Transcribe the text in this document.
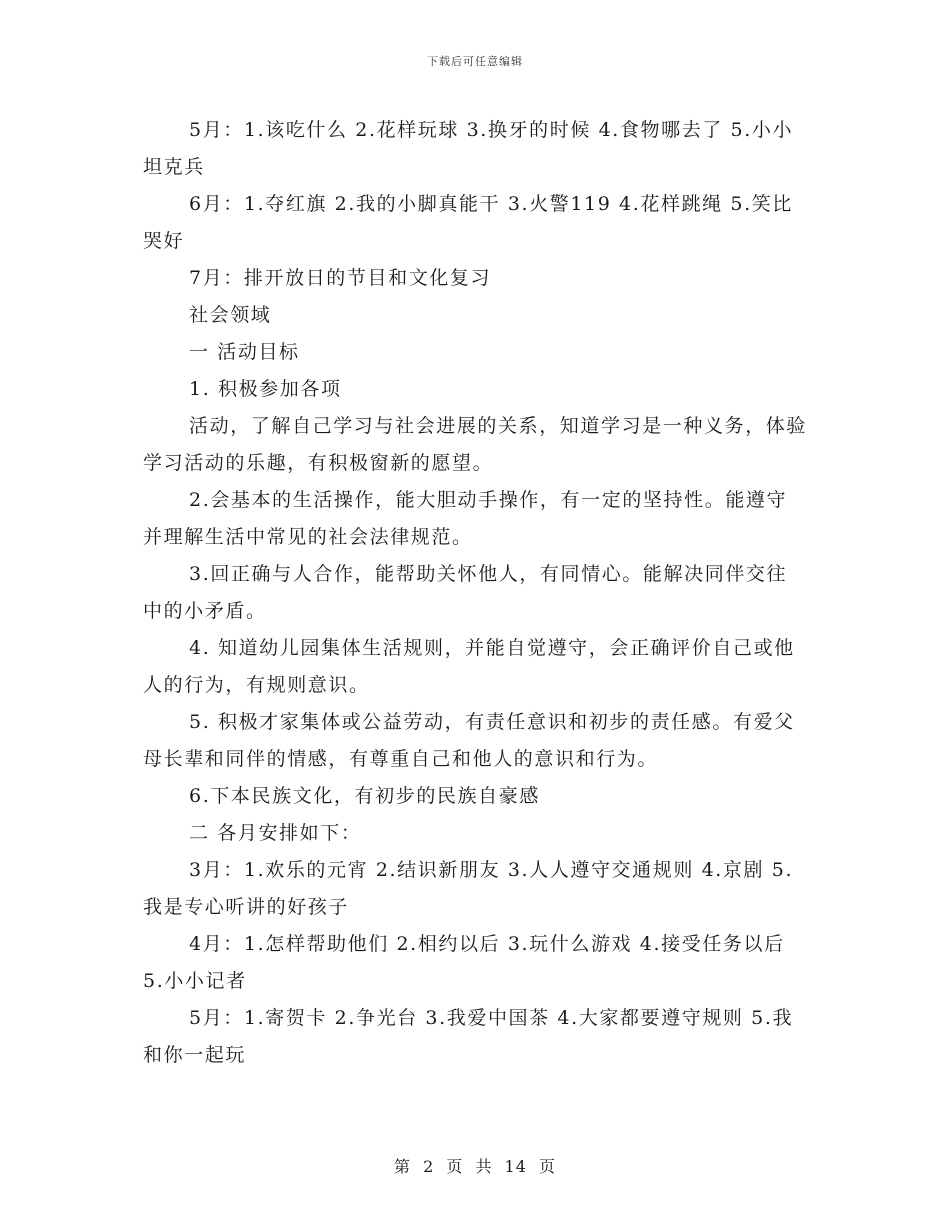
下载后可任意编辑

5月：1.该吃什么 2.花样玩球 3.换牙的时候 4.食物哪去了 5.小小坦克兵

6月：1.夺红旗 2.我的小脚真能干 3.火警119 4.花样跳绳 5.笑比哭好

7月：排开放日的节目和文化复习

社会领域

一 活动目标

1. 积极参加各项

活动，了解自己学习与社会进展的关系，知道学习是一种义务，体验学习活动的乐趣，有积极窗新的愿望。

2.会基本的生活操作，能大胆动手操作，有一定的坚持性。能遵守并理解生活中常见的社会法律规范。

3.回正确与人合作，能帮助关怀他人，有同情心。能解决同伴交往中的小矛盾。

4. 知道幼儿园集体生活规则，并能自觉遵守，会正确评价自己或他人的行为，有规则意识。

5. 积极才家集体或公益劳动，有责任意识和初步的责任感。有爱父母长辈和同伴的情感，有尊重自己和他人的意识和行为。

6.下本民族文化，有初步的民族自豪感

二 各月安排如下：

3月：1.欢乐的元宵 2.结识新朋友 3.人人遵守交通规则 4.京剧 5.我是专心听讲的好孩子

4月：1.怎样帮助他们 2.相约以后 3.玩什么游戏 4.接受任务以后 5.小小记者

5月：1.寄贺卡 2.争光台 3.我爱中国茶 4.大家都要遵守规则 5.我和你一起玩

第 2 页 共 14 页
